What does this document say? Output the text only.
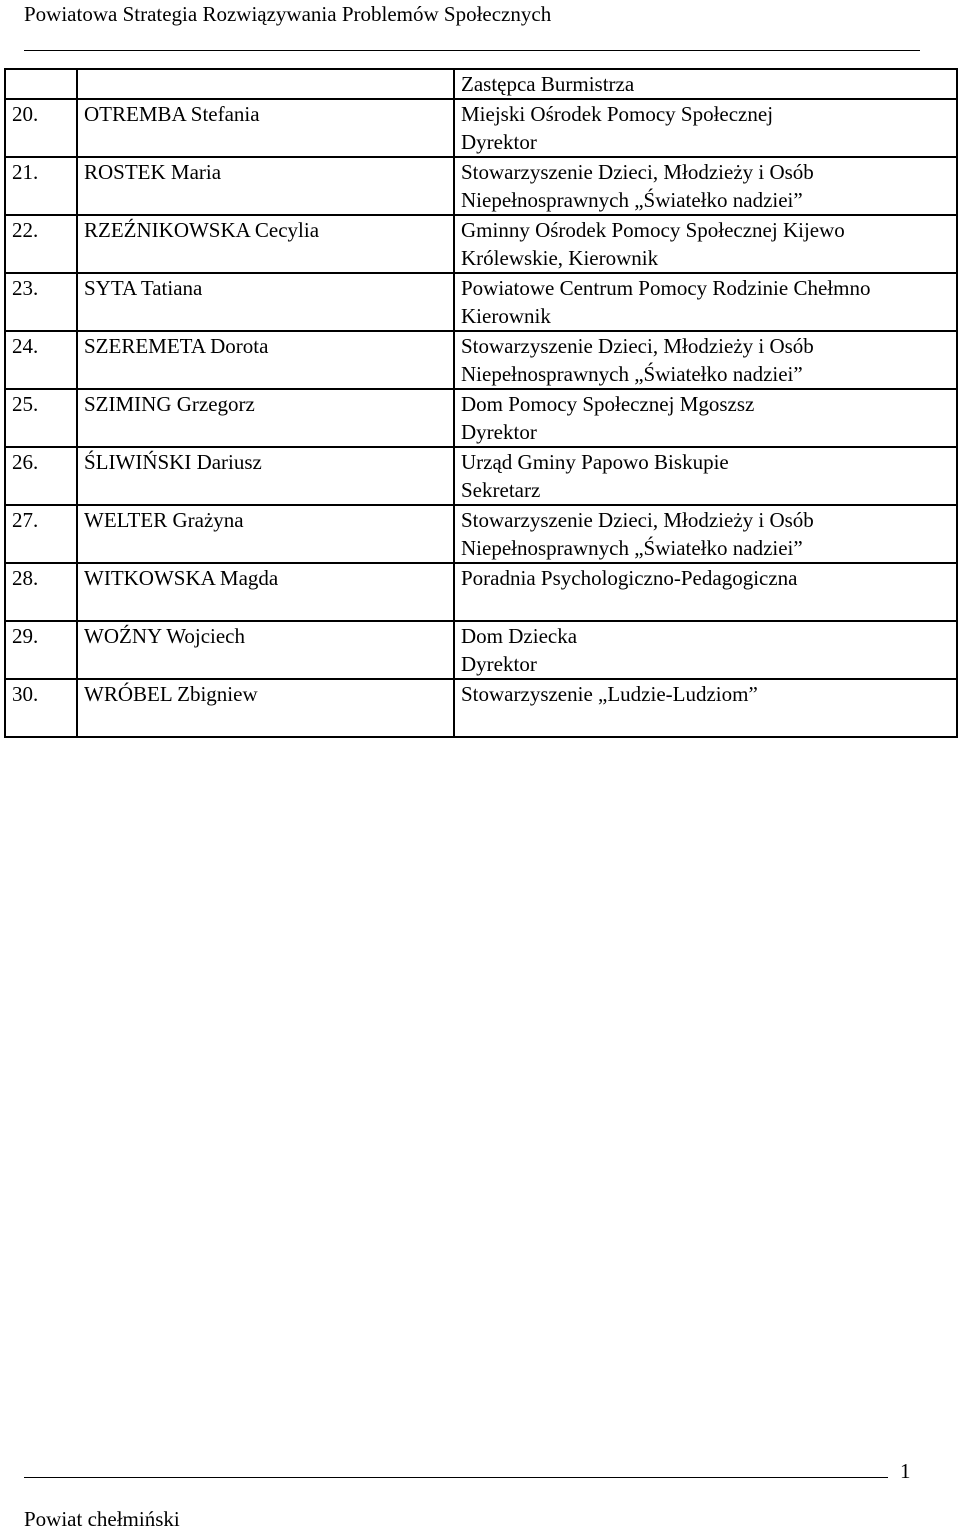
Powiatowa Strategia Rozwiązywania Problemów Społecznych
		Zastępca Burmistrza
20.	OTREMBA Stefania	Miejski Ośrodek Pomocy Społecznej
Dyrektor

21.	ROSTEK Maria	Stowarzyszenie Dzieci, Młodzieży i Osób
Niepełnosprawnych „Światełko nadziei”

22.	RZEŹNIKOWSKA Cecylia	Gminny Ośrodek Pomocy Społecznej Kijewo
Królewskie, Kierownik

23.	SYTA Tatiana	Powiatowe Centrum Pomocy Rodzinie Chełmno
Kierownik

24.	SZEREMETA Dorota	Stowarzyszenie Dzieci, Młodzieży i Osób
Niepełnosprawnych „Światełko nadziei”

25.	SZIMING Grzegorz	Dom Pomocy Społecznej Mgoszsz
Dyrektor

26.	ŚLIWIŃSKI Dariusz	Urząd Gminy Papowo Biskupie
Sekretarz

27.	WELTER Grażyna	Stowarzyszenie Dzieci, Młodzieży i Osób
Niepełnosprawnych „Światełko nadziei”

28.	WITKOWSKA Magda	Poradnia Psychologiczno-Pedagogiczna

29.	WOŹNY Wojciech	Dom Dziecka
Dyrektor

30.	WRÓBEL Zbigniew	Stowarzyszenie „Ludzie-Ludziom”
1
Powiat chełmiński
